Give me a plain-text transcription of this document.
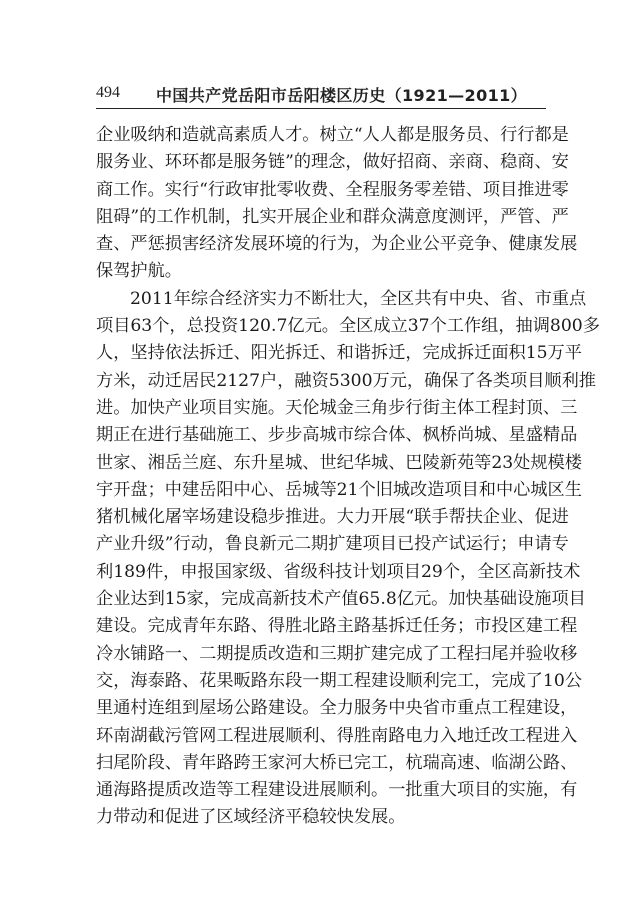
494 中国共产党岳阳市岳阳楼区历史（1921—2011）
企业吸纳和造就高素质人才。树立“人人都是服务员、行行都是
服务业、环环都是服务链”的理念，做好招商、亲商、稳商、安
商工作。实行“行政审批零收费、全程服务零差错、项目推进零
阻碍”的工作机制，扎实开展企业和群众满意度测评，严管、严
查、严惩损害经济发展环境的行为，为企业公平竞争、健康发展
保驾护航。
2011年综合经济实力不断壮大，全区共有中央、省、市重点
项目63个，总投资120.7亿元。全区成立37个工作组，抽调800多
人，坚持依法拆迁、阳光拆迁、和谐拆迁，完成拆迁面积15万平
方米，动迁居民2127户，融资5300万元，确保了各类项目顺利推
进。加快产业项目实施。天伦城金三角步行街主体工程封顶、三
期正在进行基础施工、步步高城市综合体、枫桥尚城、星盛精品
世家、湘岳兰庭、东升星城、世纪华城、巴陵新苑等23处规模楼
宇开盘；中建岳阳中心、岳城等21个旧城改造项目和中心城区生
猪机械化屠宰场建设稳步推进。大力开展“联手帮扶企业、促进
产业升级”行动，鲁良新元二期扩建项目已投产试运行；申请专
利189件，申报国家级、省级科技计划项目29个，全区高新技术
企业达到15家，完成高新技术产值65.8亿元。加快基础设施项目
建设。完成青年东路、得胜北路主路基拆迁任务；市投区建工程
冷水铺路一、二期提质改造和三期扩建完成了工程扫尾并验收移
交，海泰路、花果畈路东段一期工程建设顺利完工，完成了10公
里通村连组到屋场公路建设。全力服务中央省市重点工程建设，
环南湖截污管网工程进展顺利、得胜南路电力入地迁改工程进入
扫尾阶段、青年路跨王家河大桥已完工，杭瑞高速、临湖公路、
通海路提质改造等工程建设进展顺利。一批重大项目的实施，有
力带动和促进了区域经济平稳较快发展。
